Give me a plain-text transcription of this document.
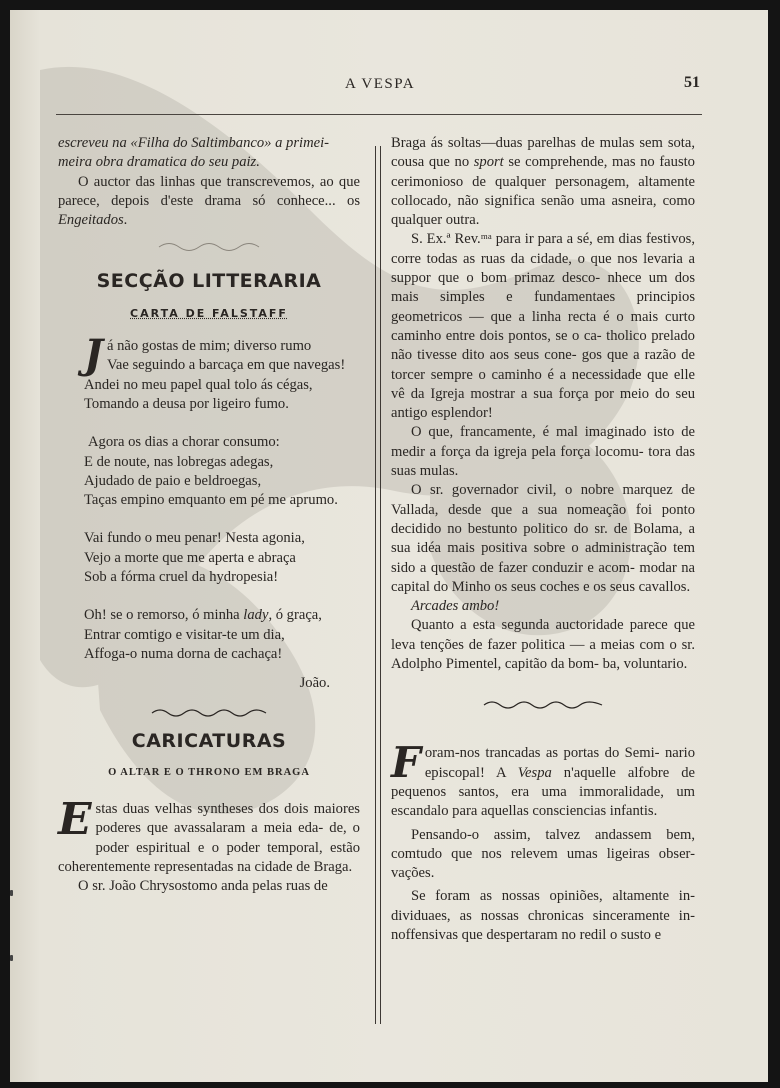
A VESPA	51

escreveu na «Filha do Saltimbanco» a primei-
meira obra dramatica do seu paiz.

O auctor das linhas que transcrevemos, ao que parece, depois d'este drama só conhece... os Engeitados.

SECÇÃO LITTERARIA
CARTA DE FALSTAFF

Já não gostas de mim; diverso rumo

Vae seguindo a barcaça em que navegas!

Andei no meu papel qual tolo ás cégas,

Tomando a deusa por ligeiro fumo.

Agora os dias a chorar consumo:

E de noute, nas lobregas adegas,

Ajudado de paio e beldroegas,

Taças empino emquanto em pé me aprumo.

Vai fundo o meu penar! Nesta agonia,

Vejo a morte que me aperta e abraça

Sob a fórma cruel da hydropesia!

Oh! se o remorso, ó minha lady, ó graça,

Entrar comtigo e visitar-te um dia,

Affoga-o numa dorna de cachaça!

João.

CARICATURAS
O ALTAR E O THRONO EM BRAGA

E stas duas velhas syntheses dos dois maiores poderes que avassalaram a meia eda- de, o poder espiritual e o poder temporal, estão coherentemente representadas na cidade de Braga.

O sr. João Chrysostomo anda pelas ruas de

Braga ás soltas—duas parelhas de mulas sem sota, cousa que no sport se comprehende, mas no fausto cerimonioso de qualquer personagem, altamente collocado, não significa senão uma asneira, como qualquer outra.

S. Ex.ª Rev.ᵐᵃ para ir para a sé, em dias festivos, corre todas as ruas da cidade, o que nos levaria a suppor que o bom primaz desco- nhece um dos mais simples e fundamentaes principios geometricos — que a linha recta é o mais curto caminho entre dois pontos, se o ca- tholico prelado não tivesse dito aos seus cone- gos que a razão de torcer sempre o caminho é a necessidade que elle vê da Igreja mostrar a sua força por meio do seu antigo esplendor!

O que, francamente, é mal imaginado isto de medir a força da igreja pela força locomu- tora das suas mulas.

O sr. governador civil, o nobre marquez de Vallada, desde que a sua nomeação foi ponto decidido no bestunto politico do sr. de Bolama, a sua idéa mais positiva sobre o administração tem sido a questão de fazer conduzir e acom- modar na capital do Minho os seus coches e os seus cavallos.

Arcades ambo!

Quanto a esta segunda auctoridade parece que leva tenções de fazer politica — a meias com o sr. Adolpho Pimentel, capitão da bom- ba, voluntario.

F oram-nos trancadas as portas do Semi- nario episcopal! A Vespa n'aquelle alfobre de pequenos santos, era uma immoralidade, um escandalo para aquellas consciencias infantis.

Pensando-o assim, talvez andassem bem, comtudo que nos relevem umas ligeiras obser- vações.

Se foram as nossas opiniões, altamente in- dividuaes, as nossas chronicas sinceramente in- noffensivas que despertaram no redil o susto e
